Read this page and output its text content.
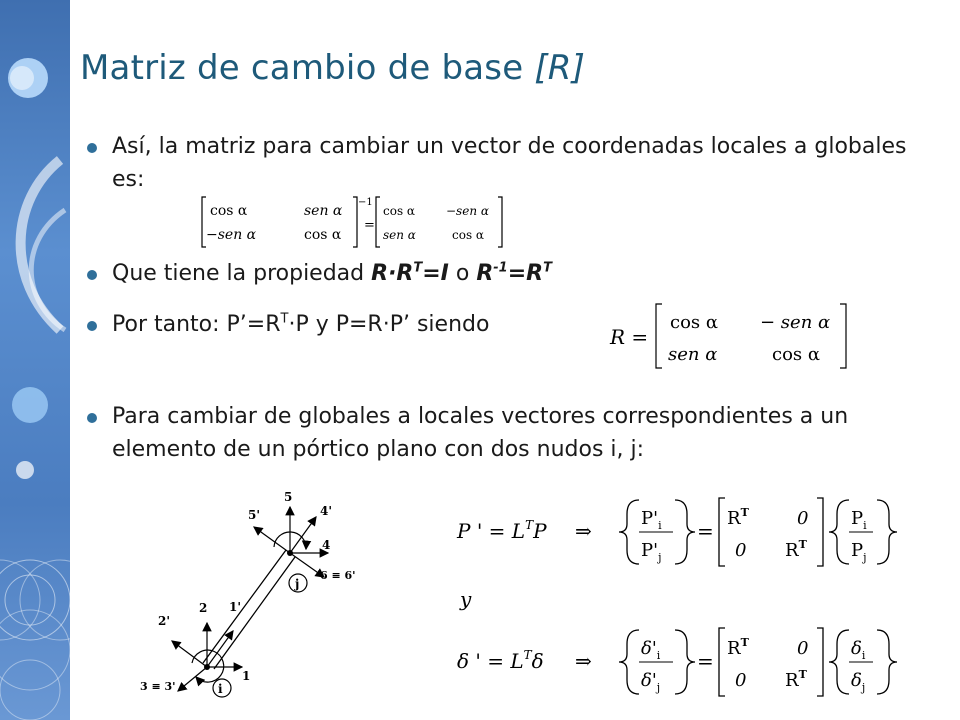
Matriz de cambio de base [R]
Así, la matriz para cambiar un vector de coordenadas locales a globales es:
cos α	sen α
−sen α	cos α
−1
=
cos α	−sen α
sen α	cos α
Que tiene la propiedad $R\cdot R^T=I$ o $R^{-1}=R^T$
Por tanto: $P’=R^T\cdot P$ y P=R·P’ siendo	R =
cos α − sen α
sen α	cos α
Para cambiar de globales a locales vectores correspondientes a un elemento de un pórtico plano con dos nudos i, j:
i
j
1
1'
2
2'
3 ≡ 3'
4
4'
5
5'
6 ≡ 6'
P ' = $L^TP$ ⇒
$P'_i$
$P'_j$
=
$R^T$	0
0 $R^T$
$P_i$
$P_j$
y
δ ' = $L^T\delta$ ⇒
$\delta'_i$
$\delta'_j$
=
$R^T$	0
0 $R^T$
$\delta_i$
$\delta_j$
